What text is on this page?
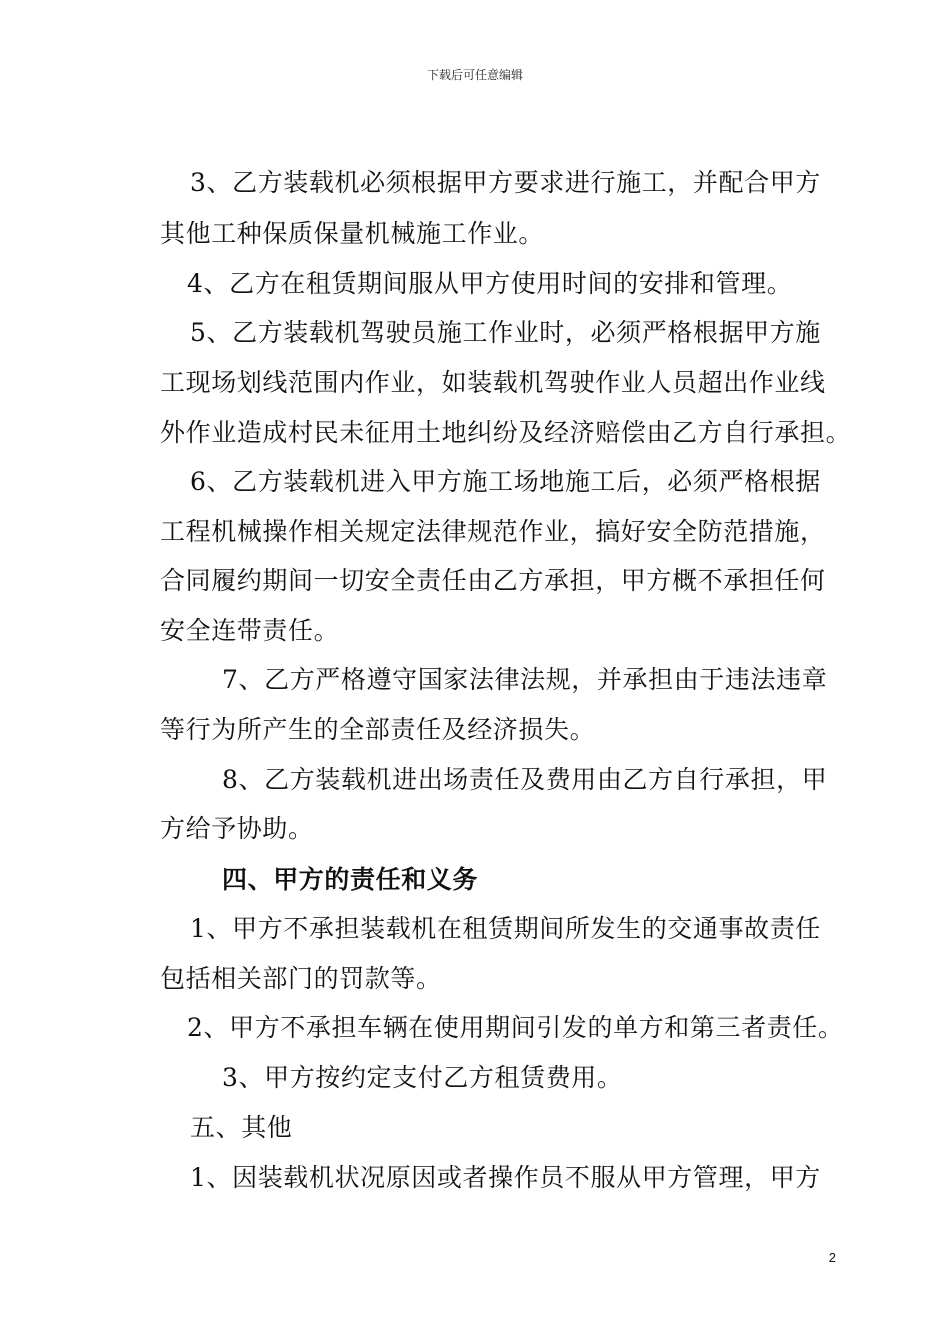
下载后可任意编辑
3、乙方装载机必须根据甲方要求进行施工，并配合甲方
其他工种保质保量机械施工作业。
4、乙方在租赁期间服从甲方使用时间的安排和管理。
5、乙方装载机驾驶员施工作业时，必须严格根据甲方施
工现场划线范围内作业，如装载机驾驶作业人员超出作业线
外作业造成村民未征用土地纠纷及经济赔偿由乙方自行承担。
6、乙方装载机进入甲方施工场地施工后，必须严格根据
工程机械操作相关规定法律规范作业，搞好安全防范措施，
合同履约期间一切安全责任由乙方承担，甲方概不承担任何
安全连带责任。
7、乙方严格遵守国家法律法规，并承担由于违法违章
等行为所产生的全部责任及经济损失。
8、乙方装载机进出场责任及费用由乙方自行承担，甲
方给予协助。
四、甲方的责任和义务
1、甲方不承担装载机在租赁期间所发生的交通事故责任
包括相关部门的罚款等。
2、甲方不承担车辆在使用期间引发的单方和第三者责任。
3、甲方按约定支付乙方租赁费用。
五、其他
1、因装载机状况原因或者操作员不服从甲方管理，甲方
2
